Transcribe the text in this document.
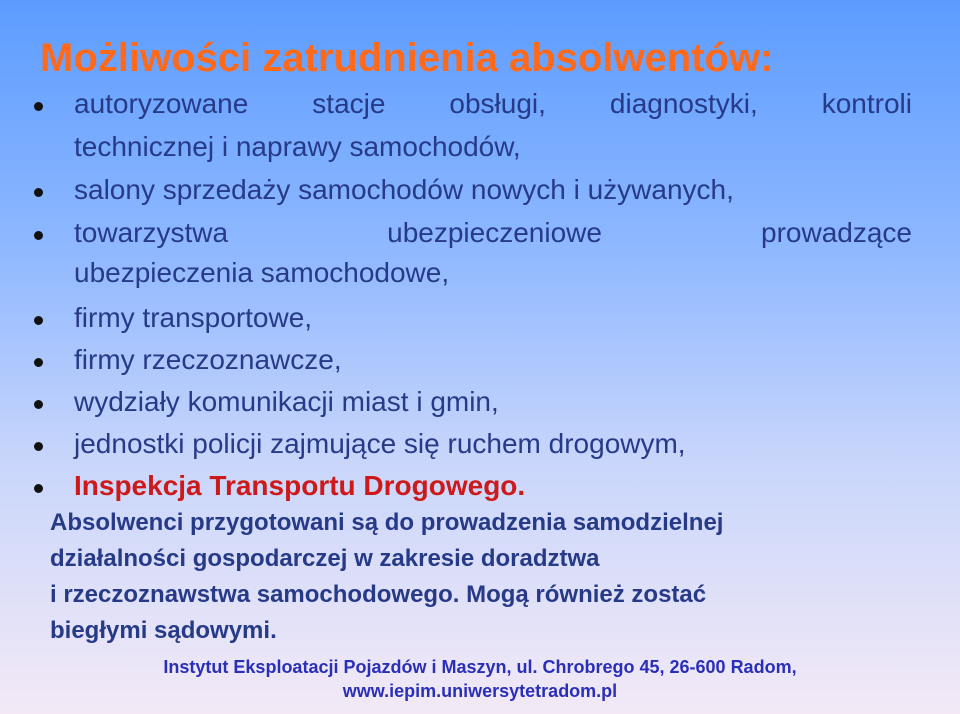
Możliwości zatrudnienia absolwentów:
autoryzowane stacje obsługi, diagnostyki, kontroli
technicznej i naprawy samochodów,
salony sprzedaży samochodów nowych i używanych,
towarzystwa ubezpieczeniowe prowadzące
ubezpieczenia samochodowe,
firmy transportowe,
firmy rzeczoznawcze,
wydziały komunikacji miast i gmin,
jednostki policji zajmujące się ruchem drogowym,
Inspekcja Transportu Drogowego.
Absolwenci przygotowani są do prowadzenia samodzielnej
działalności gospodarczej w zakresie doradztwa
i rzeczoznawstwa samochodowego. Mogą również zostać
biegłymi sądowymi.
Instytut Eksploatacji Pojazdów i Maszyn, ul. Chrobrego 45, 26-600 Radom,
www.iepim.uniwersytetradom.pl
